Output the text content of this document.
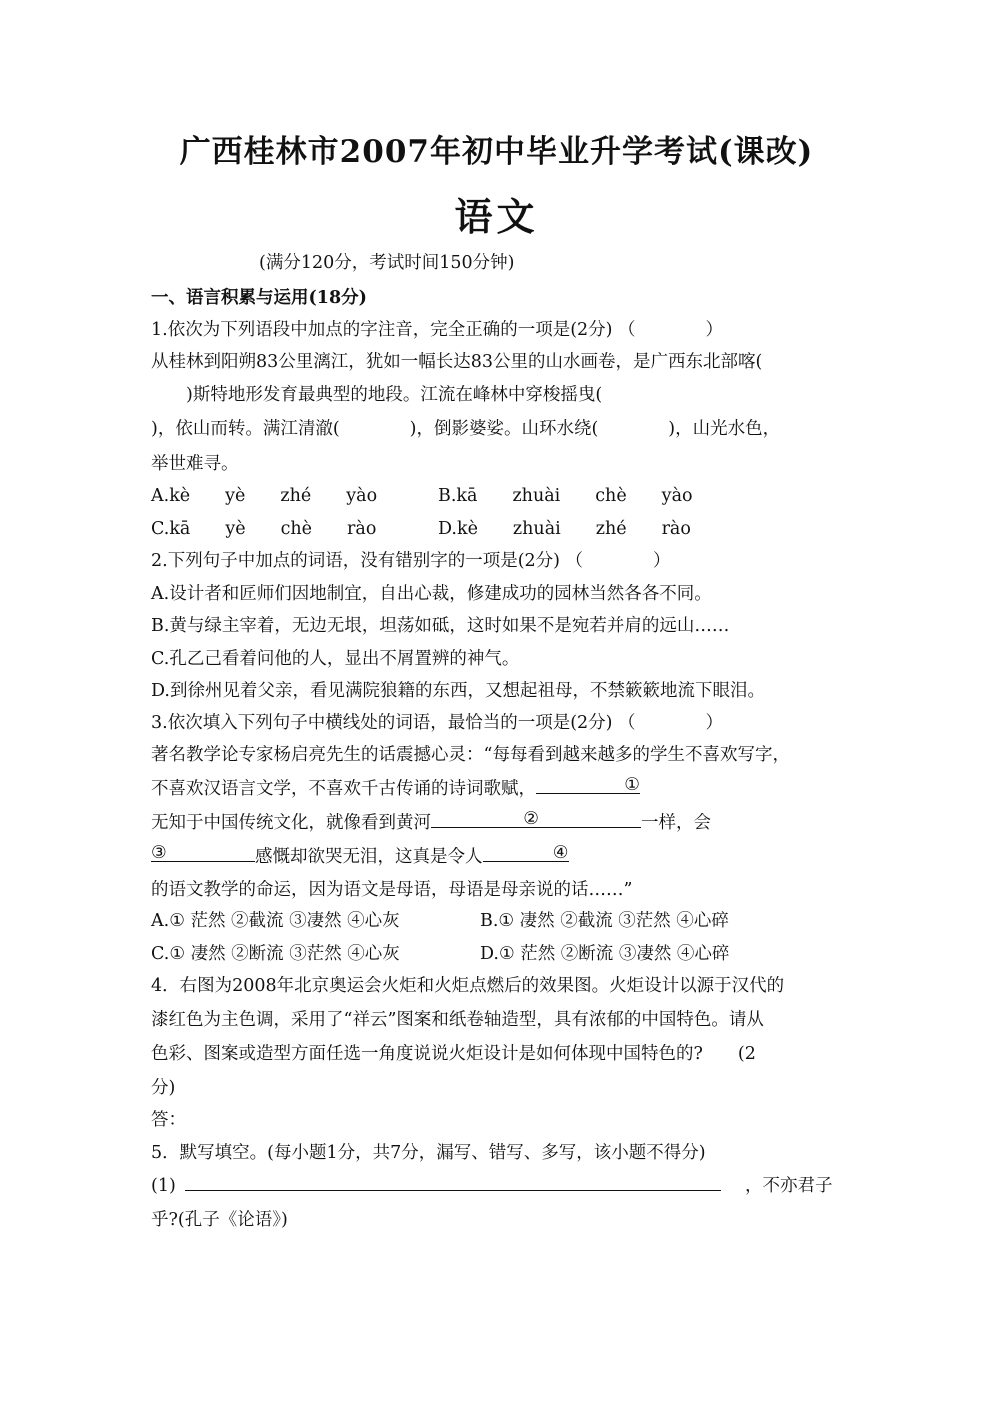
广西桂林市2007年初中毕业升学考试(课改)
语文
(满分120分，考试时间150分钟)
一、语言积累与运用(18分)
1.依次为下列语段中加点的字注音，完全正确的一项是(2分) （　　　　）
从桂林到阳朔83公里漓江，犹如一幅长达83公里的山水画卷，是广西东北部喀(
　　)斯特地形发育最典型的地段。江流在峰林中穿梭摇曳(
)，依山而转。满江清澈(　　　　)，倒影婆娑。山环水绕(　　　　)，山光水色，
举世难寻。
A.kè　　yè　　zhé　　yào	B.kā　　zhuài　　chè　　yào
C.kā　　yè　　chè　　rào	D.kè　　zhuài　　zhé　　rào
2.下列句子中加点的词语，没有错别字的一项是(2分) （　　　　）
A.设计者和匠师们因地制宜，自出心裁，修建成功的园林当然各各不同。
B.黄与绿主宰着，无边无垠，坦荡如砥，这时如果不是宛若并肩的远山……
C.孔乙己看着问他的人，显出不屑置辨的神气。
D.到徐州见着父亲，看见满院狼籍的东西，又想起祖母，不禁簌簌地流下眼泪。
3.依次填入下列句子中横线处的词语，最恰当的一项是(2分) （　　　　）
著名教学论专家杨启亮先生的话震撼心灵：“每每看到越来越多的学生不喜欢写字，
不喜欢汉语言文学，不喜欢千古传诵的诗词歌赋，	①
无知于中国传统文化，就像看到黄河	②	一样，会
③	感慨却欲哭无泪，这真是令人	④
的语文教学的命运，因为语文是母语，母语是母亲说的话……”
A.① 茫然 ②截流 ③凄然 ④心灰	B.① 凄然 ②截流 ③茫然 ④心碎
C.① 凄然 ②断流 ③茫然 ④心灰	D.① 茫然 ②断流 ③凄然 ④心碎
4．右图为2008年北京奥运会火炬和火炬点燃后的效果图。火炬设计以源于汉代的
漆红色为主色调，采用了“祥云”图案和纸卷轴造型，具有浓郁的中国特色。请从
色彩、图案或造型方面任选一角度说说火炬设计是如何体现中国特色的?　　(2
分)
答：
5．默写填空。(每小题1分，共7分，漏写、错写、多写，该小题不得分)
(1)	，不亦君子
乎?(孔子《论语》)
